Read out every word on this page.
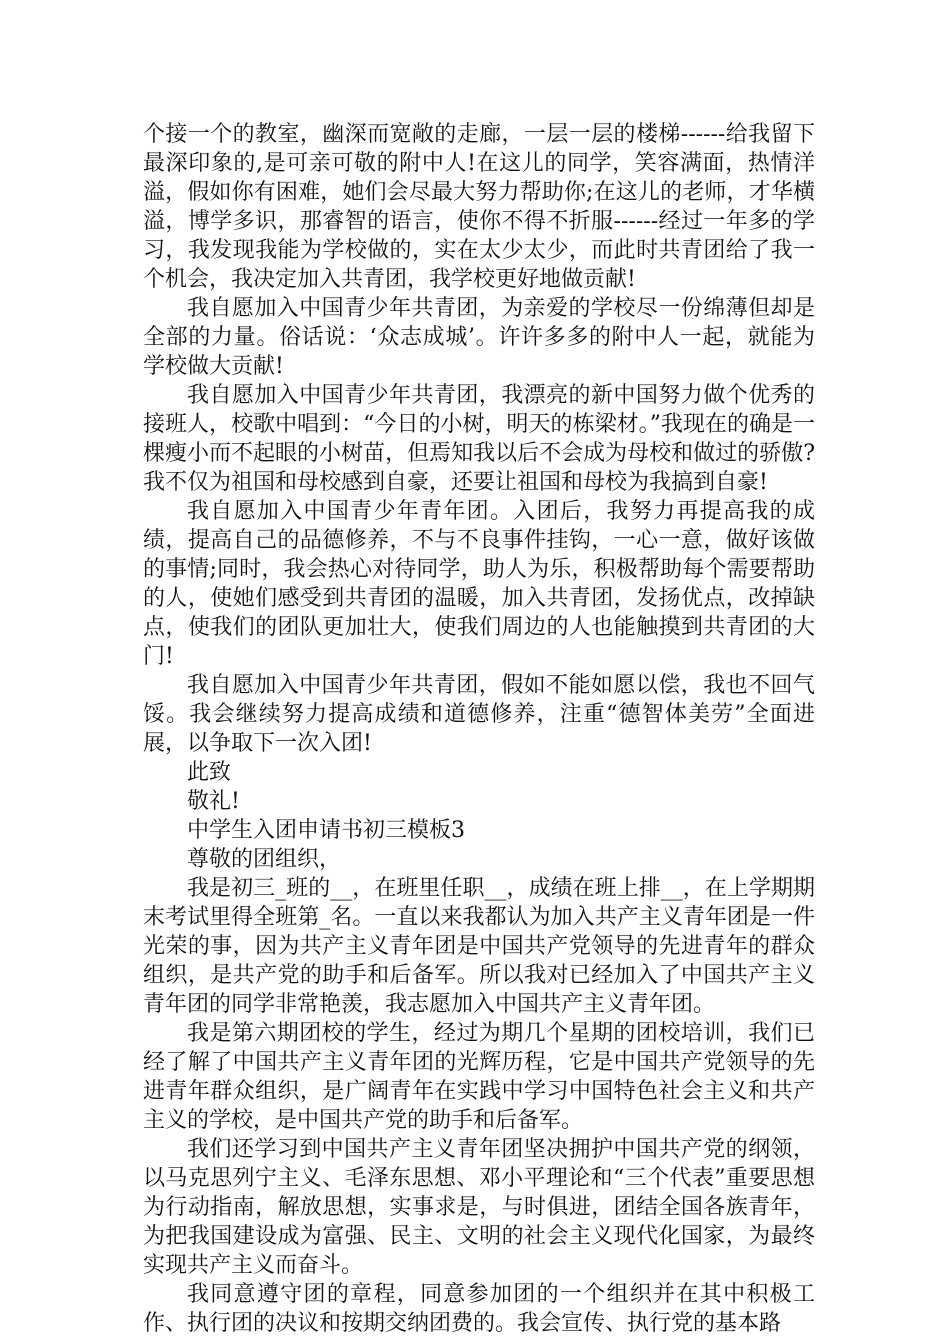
个接一个的教室，幽深而宽敞的走廊，一层一层的楼梯------给我留下最深印象的,是可亲可敬的附中人!在这儿的同学，笑容满面，热情洋溢，假如你有困难，她们会尽最大努力帮助你;在这儿的老师，才华横溢，博学多识，那睿智的语言，使你不得不折服------经过一年多的学习，我发现我能为学校做的，实在太少太少，而此时共青团给了我一个机会，我决定加入共青团，我学校更好地做贡献!

我自愿加入中国青少年共青团，为亲爱的学校尽一份绵薄但却是全部的力量。俗话说：‘众志成城’。许许多多的附中人一起，就能为学校做大贡献!

我自愿加入中国青少年共青团，我漂亮的新中国努力做个优秀的接班人，校歌中唱到：“今日的小树，明天的栋梁材。”我现在的确是一棵瘦小而不起眼的小树苗，但焉知我以后不会成为母校和做过的骄傲?我不仅为祖国和母校感到自豪，还要让祖国和母校为我搞到自豪!

我自愿加入中国青少年青年团。入团后，我努力再提高我的成绩，提高自己的品德修养，不与不良事件挂钩，一心一意，做好该做的事情;同时，我会热心对待同学，助人为乐，积极帮助每个需要帮助的人，使她们感受到共青团的温暖，加入共青团，发扬优点，改掉缺点，使我们的团队更加壮大，使我们周边的人也能触摸到共青团的大门!

我自愿加入中国青少年共青团，假如不能如愿以偿，我也不回气馁。我会继续努力提高成绩和道德修养，注重“德智体美劳”全面进展，以争取下一次入团!

此致

敬礼!

中学生入团申请书初三模板3

尊敬的团组织，

我是初三_班的__，在班里任职__，成绩在班上排__，在上学期期末考试里得全班第_名。一直以来我都认为加入共产主义青年团是一件光荣的事，因为共产主义青年团是中国共产党领导的先进青年的群众组织，是共产党的助手和后备军。所以我对已经加入了中国共产主义青年团的同学非常艳羡，我志愿加入中国共产主义青年团。

我是第六期团校的学生，经过为期几个星期的团校培训，我们已经了解了中国共产主义青年团的光辉历程，它是中国共产党领导的先进青年群众组织，是广阔青年在实践中学习中国特色社会主义和共产主义的学校，是中国共产党的助手和后备军。

我们还学习到中国共产主义青年团坚决拥护中国共产党的纲领，以马克思列宁主义、毛泽东思想、邓小平理论和“三个代表”重要思想为行动指南，解放思想，实事求是，与时俱进，团结全国各族青年，为把我国建设成为富强、民主、文明的社会主义现代化国家，为最终实现共产主义而奋斗。

我同意遵守团的章程，同意参加团的一个组织并在其中积极工作、执行团的决议和按期交纳团费的。我会宣传、执行党的基本路
